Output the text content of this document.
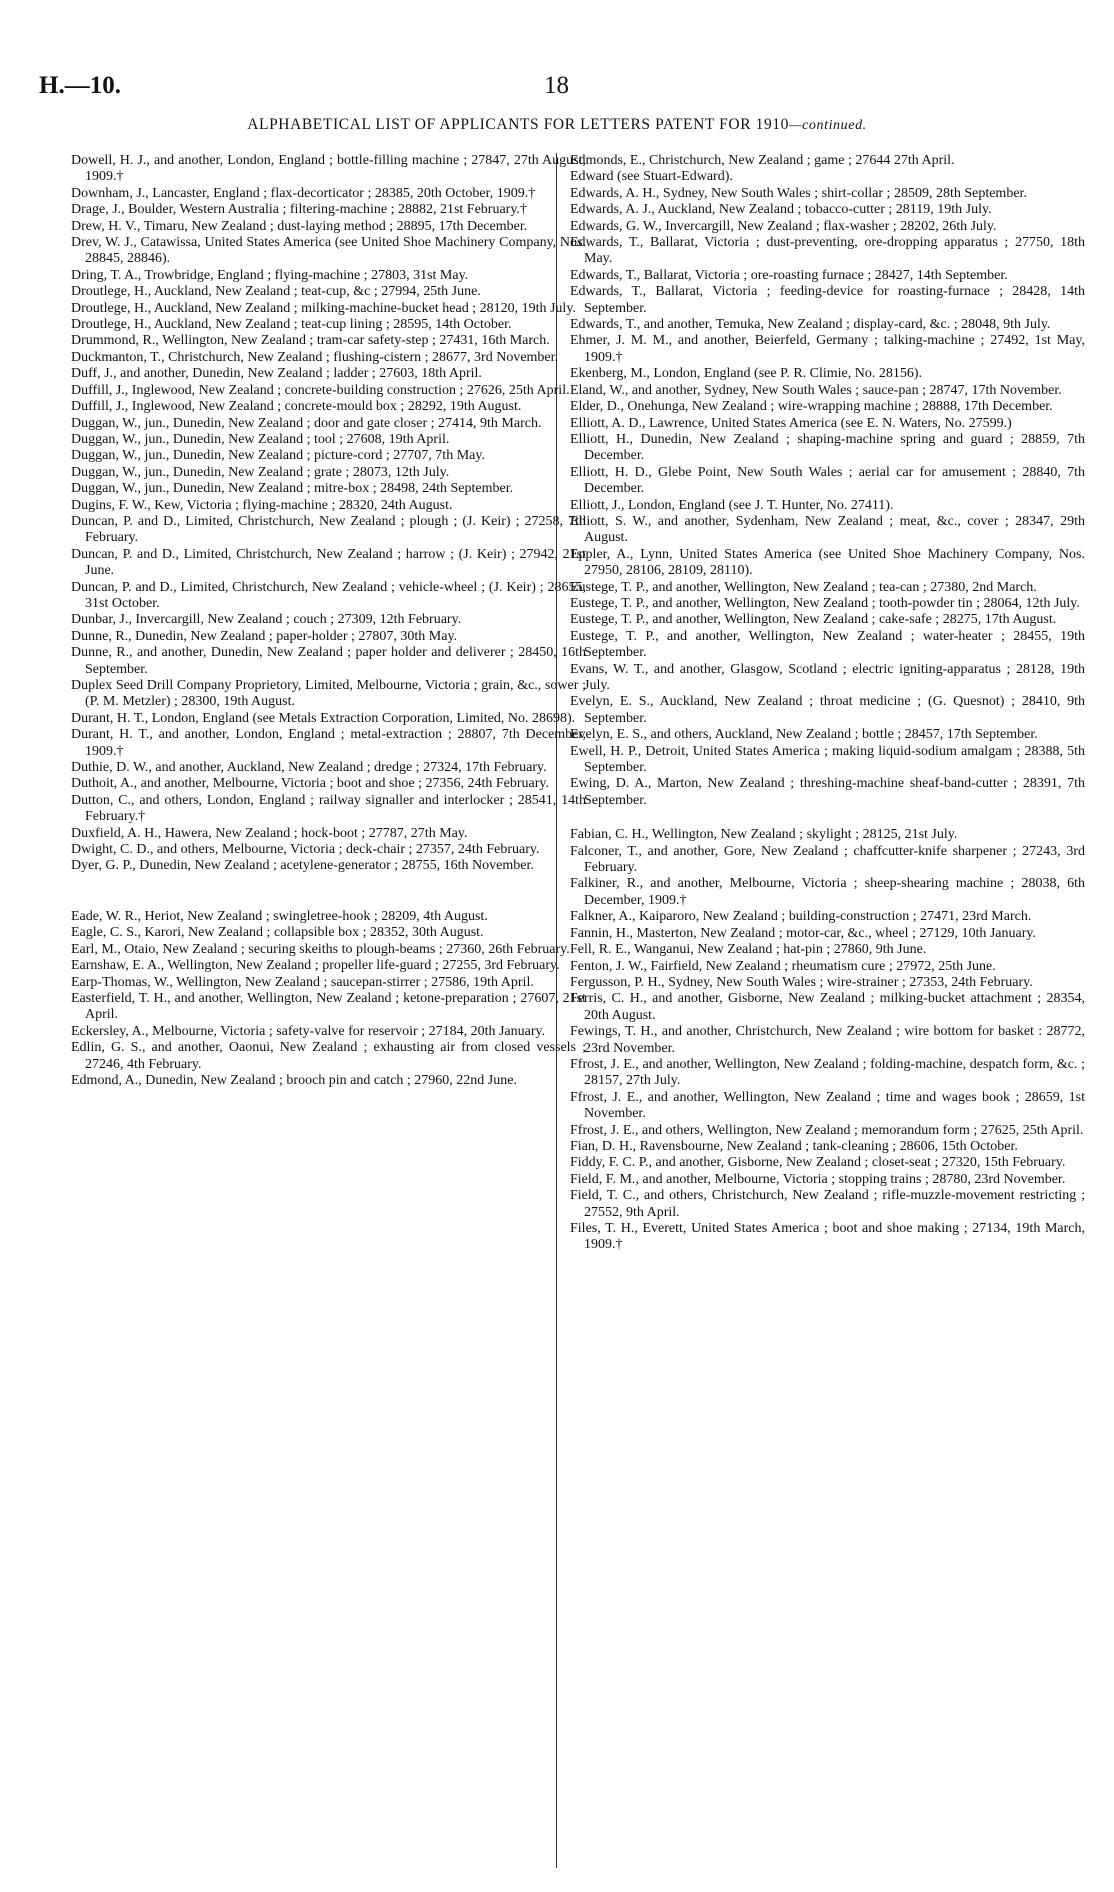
H.—10.	18
ALPHABETICAL LIST OF APPLICANTS FOR LETTERS PATENT FOR 1910—continued.
Dowell, H. J., and another, London, England ; bottle-filling machine ; 27847, 27th August, 1909.†
Downham, J., Lancaster, England ; flax-decorticator ; 28385, 20th October, 1909.†
Drage, J., Boulder, Western Australia ; filtering-machine ; 28882, 21st February.†
Drew, H. V., Timaru, New Zealand ; dust-laying method ; 28895, 17th December.
Drev, W. J., Catawissa, United States America (see United Shoe Machinery Company, Nos. 28845, 28846).
Dring, T. A., Trowbridge, England ; flying-machine ; 27803, 31st May.
Droutlege, H., Auckland, New Zealand ; teat-cup, &c ; 27994, 25th June.
Droutlege, H., Auckland, New Zealand ; milking-machine-bucket head ; 28120, 19th July.
Droutlege, H., Auckland, New Zealand ; teat-cup lining ; 28595, 14th October.
Drummond, R., Wellington, New Zealand ; tram-car safety-step ; 27431, 16th March.
Duckmanton, T., Christchurch, New Zealand ; flushing-cistern ; 28677, 3rd November.
Duff, J., and another, Dunedin, New Zealand ; ladder ; 27603, 18th April.
Duffill, J., Inglewood, New Zealand ; concrete-building construction ; 27626, 25th April.
Duffill, J., Inglewood, New Zealand ; concrete-mould box ; 28292, 19th August.
Duggan, W., jun., Dunedin, New Zealand ; door and gate closer ; 27414, 9th March.
Duggan, W., jun., Dunedin, New Zealand ; tool ; 27608, 19th April.
Duggan, W., jun., Dunedin, New Zealand ; picture-cord ; 27707, 7th May.
Duggan, W., jun., Dunedin, New Zealand ; grate ; 28073, 12th July.
Duggan, W., jun., Dunedin, New Zealand ; mitre-box ; 28498, 24th September.
Dugins, F. W., Kew, Victoria ; flying-machine ; 28320, 24th August.
Duncan, P. and D., Limited, Christchurch, New Zealand ; plough ; (J. Keir) ; 27258, 7th February.
Duncan, P. and D., Limited, Christchurch, New Zealand ; harrow ; (J. Keir) ; 27942, 21st June.
Duncan, P. and D., Limited, Christchurch, New Zealand ; vehicle-wheel ; (J. Keir) ; 28655, 31st October.
Dunbar, J., Invercargill, New Zealand ; couch ; 27309, 12th February.
Dunne, R., Dunedin, New Zealand ; paper-holder ; 27807, 30th May.
Dunne, R., and another, Dunedin, New Zealand ; paper holder and deliverer ; 28450, 16th September.
Duplex Seed Drill Company Proprietory, Limited, Melbourne, Victoria ; grain, &c., sower ; (P. M. Metzler) ; 28300, 19th August.
Durant, H. T., London, England (see Metals Extraction Corporation, Limited, No. 28698).
Durant, H. T., and another, London, England ; metal-extraction ; 28807, 7th December, 1909.†
Duthie, D. W., and another, Auckland, New Zealand ; dredge ; 27324, 17th February.
Duthoit, A., and another, Melbourne, Victoria ; boot and shoe ; 27356, 24th February.
Dutton, C., and others, London, England ; railway signaller and interlocker ; 28541, 14th February.†
Duxfield, A. H., Hawera, New Zealand ; hock-boot ; 27787, 27th May.
Dwight, C. D., and others, Melbourne, Victoria ; deck-chair ; 27357, 24th February.
Dyer, G. P., Dunedin, New Zealand ; acetylene-generator ; 28755, 16th November.
Eade, W. R., Heriot, New Zealand ; swingletree-hook ; 28209, 4th August.
Eagle, C. S., Karori, New Zealand ; collapsible box ; 28352, 30th August.
Earl, M., Otaio, New Zealand ; securing skeiths to plough-beams ; 27360, 26th February.
Earnshaw, E. A., Wellington, New Zealand ; propeller life-guard ; 27255, 3rd February.
Earp-Thomas, W., Wellington, New Zealand ; saucepan-stirrer ; 27586, 19th April.
Easterfield, T. H., and another, Wellington, New Zealand ; ketone-preparation ; 27607, 21st April.
Eckersley, A., Melbourne, Victoria ; safety-valve for reservoir ; 27184, 20th January.
Edlin, G. S., and another, Oaonui, New Zealand ; exhausting air from closed vessels ; 27246, 4th February.
Edmond, A., Dunedin, New Zealand ; brooch pin and catch ; 27960, 22nd June.
Edmonds, E., Christchurch, New Zealand ; game ; 27644 27th April.
Edward (see Stuart-Edward).
Edwards, A. H., Sydney, New South Wales ; shirt-collar ; 28509, 28th September.
Edwards, A. J., Auckland, New Zealand ; tobacco-cutter ; 28119, 19th July.
Edwards, G. W., Invercargill, New Zealand ; flax-washer ; 28202, 26th July.
Edwards, T., Ballarat, Victoria ; dust-preventing, ore-dropping apparatus ; 27750, 18th May.
Edwards, T., Ballarat, Victoria ; ore-roasting furnace ; 28427, 14th September.
Edwards, T., Ballarat, Victoria ; feeding-device for roasting-furnace ; 28428, 14th September.
Edwards, T., and another, Temuka, New Zealand ; display-card, &c. ; 28048, 9th July.
Ehmer, J. M. M., and another, Beierfeld, Germany ; talking-machine ; 27492, 1st May, 1909.†
Ekenberg, M., London, England (see P. R. Climie, No. 28156).
Eland, W., and another, Sydney, New South Wales ; sauce-pan ; 28747, 17th November.
Elder, D., Onehunga, New Zealand ; wire-wrapping machine ; 28888, 17th December.
Elliott, A. D., Lawrence, United States America (see E. N. Waters, No. 27599.)
Elliott, H., Dunedin, New Zealand ; shaping-machine spring and guard ; 28859, 7th December.
Elliott, H. D., Glebe Point, New South Wales ; aerial car for amusement ; 28840, 7th December.
Elliott, J., London, England (see J. T. Hunter, No. 27411).
Elliott, S. W., and another, Sydenham, New Zealand ; meat, &c., cover ; 28347, 29th August.
Eppler, A., Lynn, United States America (see United Shoe Machinery Company, Nos. 27950, 28106, 28109, 28110).
Eustege, T. P., and another, Wellington, New Zealand ; tea-can ; 27380, 2nd March.
Eustege, T. P., and another, Wellington, New Zealand ; tooth-powder tin ; 28064, 12th July.
Eustege, T. P., and another, Wellington, New Zealand ; cake-safe ; 28275, 17th August.
Eustege, T. P., and another, Wellington, New Zealand ; water-heater ; 28455, 19th September.
Evans, W. T., and another, Glasgow, Scotland ; electric igniting-apparatus ; 28128, 19th July.
Evelyn, E. S., Auckland, New Zealand ; throat medicine ; (G. Quesnot) ; 28410, 9th September.
Evelyn, E. S., and others, Auckland, New Zealand ; bottle ; 28457, 17th September.
Ewell, H. P., Detroit, United States America ; making liquid-sodium amalgam ; 28388, 5th September.
Ewing, D. A., Marton, New Zealand ; threshing-machine sheaf-band-cutter ; 28391, 7th September.
Fabian, C. H., Wellington, New Zealand ; skylight ; 28125, 21st July.
Falconer, T., and another, Gore, New Zealand ; chaffcutter-knife sharpener ; 27243, 3rd February.
Falkiner, R., and another, Melbourne, Victoria ; sheep-shearing machine ; 28038, 6th December, 1909.†
Falkner, A., Kaiparoro, New Zealand ; building-construction ; 27471, 23rd March.
Fannin, H., Masterton, New Zealand ; motor-car, &c., wheel ; 27129, 10th January.
Fell, R. E., Wanganui, New Zealand ; hat-pin ; 27860, 9th June.
Fenton, J. W., Fairfield, New Zealand ; rheumatism cure ; 27972, 25th June.
Fergusson, P. H., Sydney, New South Wales ; wire-strainer ; 27353, 24th February.
Ferris, C. H., and another, Gisborne, New Zealand ; milking-bucket attachment ; 28354, 20th August.
Fewings, T. H., and another, Christchurch, New Zealand ; wire bottom for basket : 28772, 23rd November.
Ffrost, J. E., and another, Wellington, New Zealand ; folding-machine, despatch form, &c. ; 28157, 27th July.
Ffrost, J. E., and another, Wellington, New Zealand ; time and wages book ; 28659, 1st November.
Ffrost, J. E., and others, Wellington, New Zealand ; memorandum form ; 27625, 25th April.
Fian, D. H., Ravensbourne, New Zealand ; tank-cleaning ; 28606, 15th October.
Fiddy, F. C. P., and another, Gisborne, New Zealand ; closet-seat ; 27320, 15th February.
Field, F. M., and another, Melbourne, Victoria ; stopping trains ; 28780, 23rd November.
Field, T. C., and others, Christchurch, New Zealand ; rifle-muzzle-movement restricting ; 27552, 9th April.
Files, T. H., Everett, United States America ; boot and shoe making ; 27134, 19th March, 1909.†
